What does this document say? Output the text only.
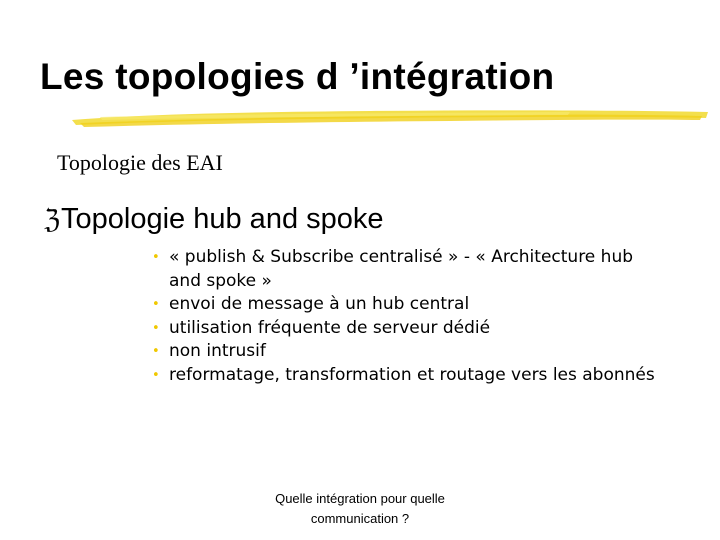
Les topologies d ’intégration
Topologie des EAI
ℨ Topologie hub and spoke
• « publish & Subscribe centralisé » - « Architecture hub
and spoke »
• envoi de message à un hub central
• utilisation fréquente de serveur dédié
• non intrusif
• reformatage, transformation et routage vers les abonnés
Quelle intégration pour quelle
communication ?
